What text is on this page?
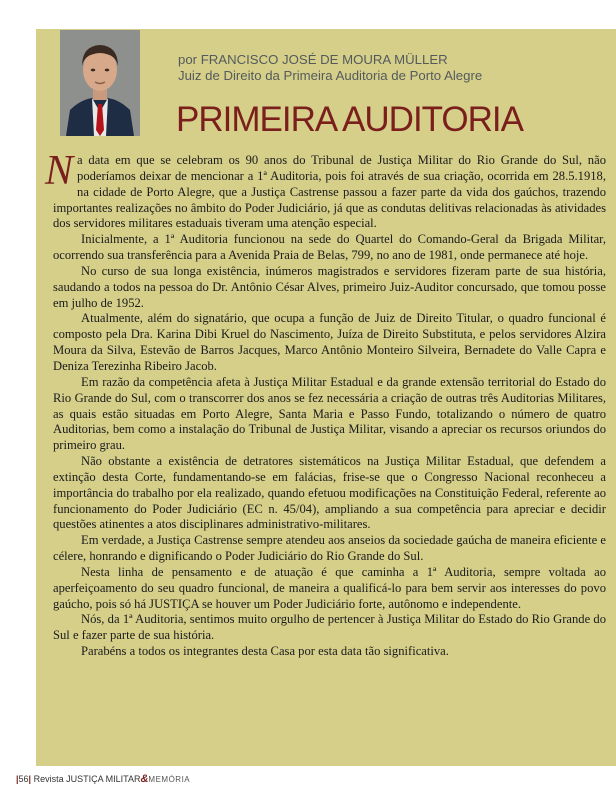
por FRANCISCO JOSÉ DE MOURA MÜLLER
Juiz de Direito da Primeira Auditoria de Porto Alegre
PRIMEIRA AUDITORIA

Na data em que se celebram os 90 anos do Tribunal de Justiça Militar do Rio Grande do Sul, não poderíamos deixar de mencionar a 1ª Auditoria, pois foi através de sua criação, ocorrida em 28.5.1918, na cidade de Porto Alegre, que a Justiça Castrense passou a fazer parte da vida dos gaúchos, trazendo importantes realizações no âmbito do Poder Judiciário, já que as condutas delitivas relacionadas às atividades dos servidores militares estaduais tiveram uma atenção especial.

Inicialmente, a 1ª Auditoria funcionou na sede do Quartel do Comando-Geral da Brigada Militar, ocorrendo sua transferência para a Avenida Praia de Belas, 799, no ano de 1981, onde permanece até hoje.

No curso de sua longa existência, inúmeros magistrados e servidores fizeram parte de sua história, saudando a todos na pessoa do Dr. Antônio César Alves, primeiro Juiz-Auditor concursado, que tomou posse em julho de 1952.

Atualmente, além do signatário, que ocupa a função de Juiz de Direito Titular, o quadro funcional é composto pela Dra. Karina Dibi Kruel do Nascimento, Juíza de Direito Substituta, e pelos servidores Alzira Moura da Silva, Estevão de Barros Jacques, Marco Antônio Monteiro Silveira, Bernadete do Valle Capra e Deniza Terezinha Ribeiro Jacob.

Em razão da competência afeta à Justiça Militar Estadual e da grande extensão territorial do Estado do Rio Grande do Sul, com o transcorrer dos anos se fez necessária a criação de outras três Auditorias Militares, as quais estão situadas em Porto Alegre, Santa Maria e Passo Fundo, totalizando o número de quatro Auditorias, bem como a instalação do Tribunal de Justiça Militar, visando a apreciar os recursos oriundos do primeiro grau.

Não obstante a existência de detratores sistemáticos na Justiça Militar Estadual, que defendem a extinção desta Corte, fundamentando-se em falácias, frise-se que o Congresso Nacional reconheceu a importância do trabalho por ela realizado, quando efetuou modificações na Constituição Federal, referente ao funcionamento do Poder Judiciário (EC n. 45/04), ampliando a sua competência para apreciar e decidir questões atinentes a atos disciplinares administrativo-militares.

Em verdade, a Justiça Castrense sempre atendeu aos anseios da sociedade gaúcha de maneira eficiente e célere, honrando e dignificando o Poder Judiciário do Rio Grande do Sul.

Nesta linha de pensamento e de atuação é que caminha a 1ª Auditoria, sempre voltada ao aperfeiçoamento do seu quadro funcional, de maneira a qualificá-lo para bem servir aos interesses do povo gaúcho, pois só há JUSTIÇA se houver um Poder Judiciário forte, autônomo e independente.

Nós, da 1ª Auditoria, sentimos muito orgulho de pertencer à Justiça Militar do Estado do Rio Grande do Sul e fazer parte de sua história.

Parabéns a todos os integrantes desta Casa por esta data tão significativa.

|56| Revista JUSTIÇA MILITAR&MEMÓRIA
